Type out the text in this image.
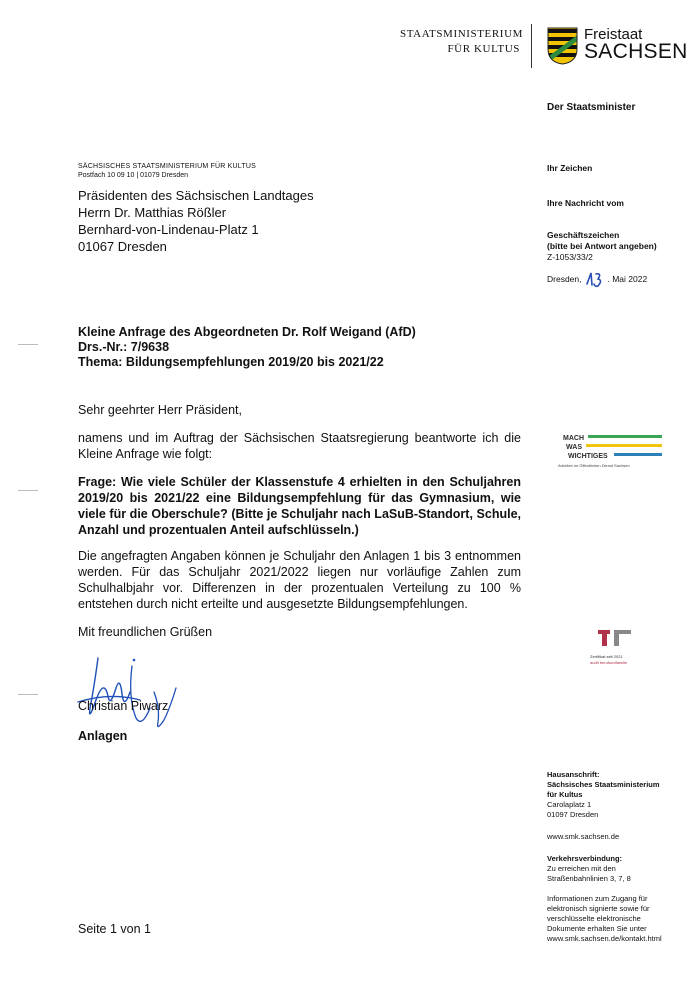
STAATSMINISTERIUM
FÜR KULTUS
Freistaat
SACHSEN
Der Staatsminister
SÄCHSISCHES STAATSMINISTERIUM FÜR KULTUS
Postfach 10 09 10 | 01079 Dresden
Präsidenten des Sächsischen Landtages
Herrn Dr. Matthias Rößler
Bernhard-von-Lindenau-Platz 1
01067 Dresden
Ihr Zeichen
Ihre Nachricht vom
Geschäftszeichen
(bitte bei Antwort angeben)
Z-1053/33/2
Dresden,	. Mai 2022
Kleine Anfrage des Abgeordneten Dr. Rolf Weigand (AfD)
Drs.-Nr.: 7/9638
Thema: Bildungsempfehlungen 2019/20 bis 2021/22
Sehr geehrter Herr Präsident,
namens und im Auftrag der Sächsischen Staatsregierung beantworte ich die Kleine Anfrage wie folgt:
Frage: Wie viele Schüler der Klassenstufe 4 erhielten in den Schuljahren 2019/20 bis 2021/22 eine Bildungsempfehlung für das Gymnasium, wie viele für die Oberschule? (Bitte je Schuljahr nach LaSuB-Standort, Schule, Anzahl und prozentualen Anteil aufschlüsseln.)
Die angefragten Angaben können je Schuljahr den Anlagen 1 bis 3 entnommen werden. Für das Schuljahr 2021/2022 liegen nur vorläufige Zahlen zum Schulhalbjahr vor. Differenzen in der prozentualen Verteilung zu 100 % entstehen durch nicht erteilte und ausgesetzte Bildungsempfehlungen.
Mit freundlichen Grüßen
Christian Piwarz
Anlagen
MACH
WAS
WICHTIGES
Arbeiten im Öffentlichen Dienst Sachsen
Zertifikat seit 2021
audit berufundfamilie
Seite 1 von 1
Hausanschrift:
Sächsisches Staatsministerium
für Kultus
Carolaplatz 1
01097 Dresden
www.smk.sachsen.de
Verkehrsverbindung:
Zu erreichen mit den
Straßenbahnlinien 3, 7, 8
Informationen zum Zugang für
elektronisch signierte sowie für
verschlüsselte elektronische
Dokumente erhalten Sie unter
www.smk.sachsen.de/kontakt.html
